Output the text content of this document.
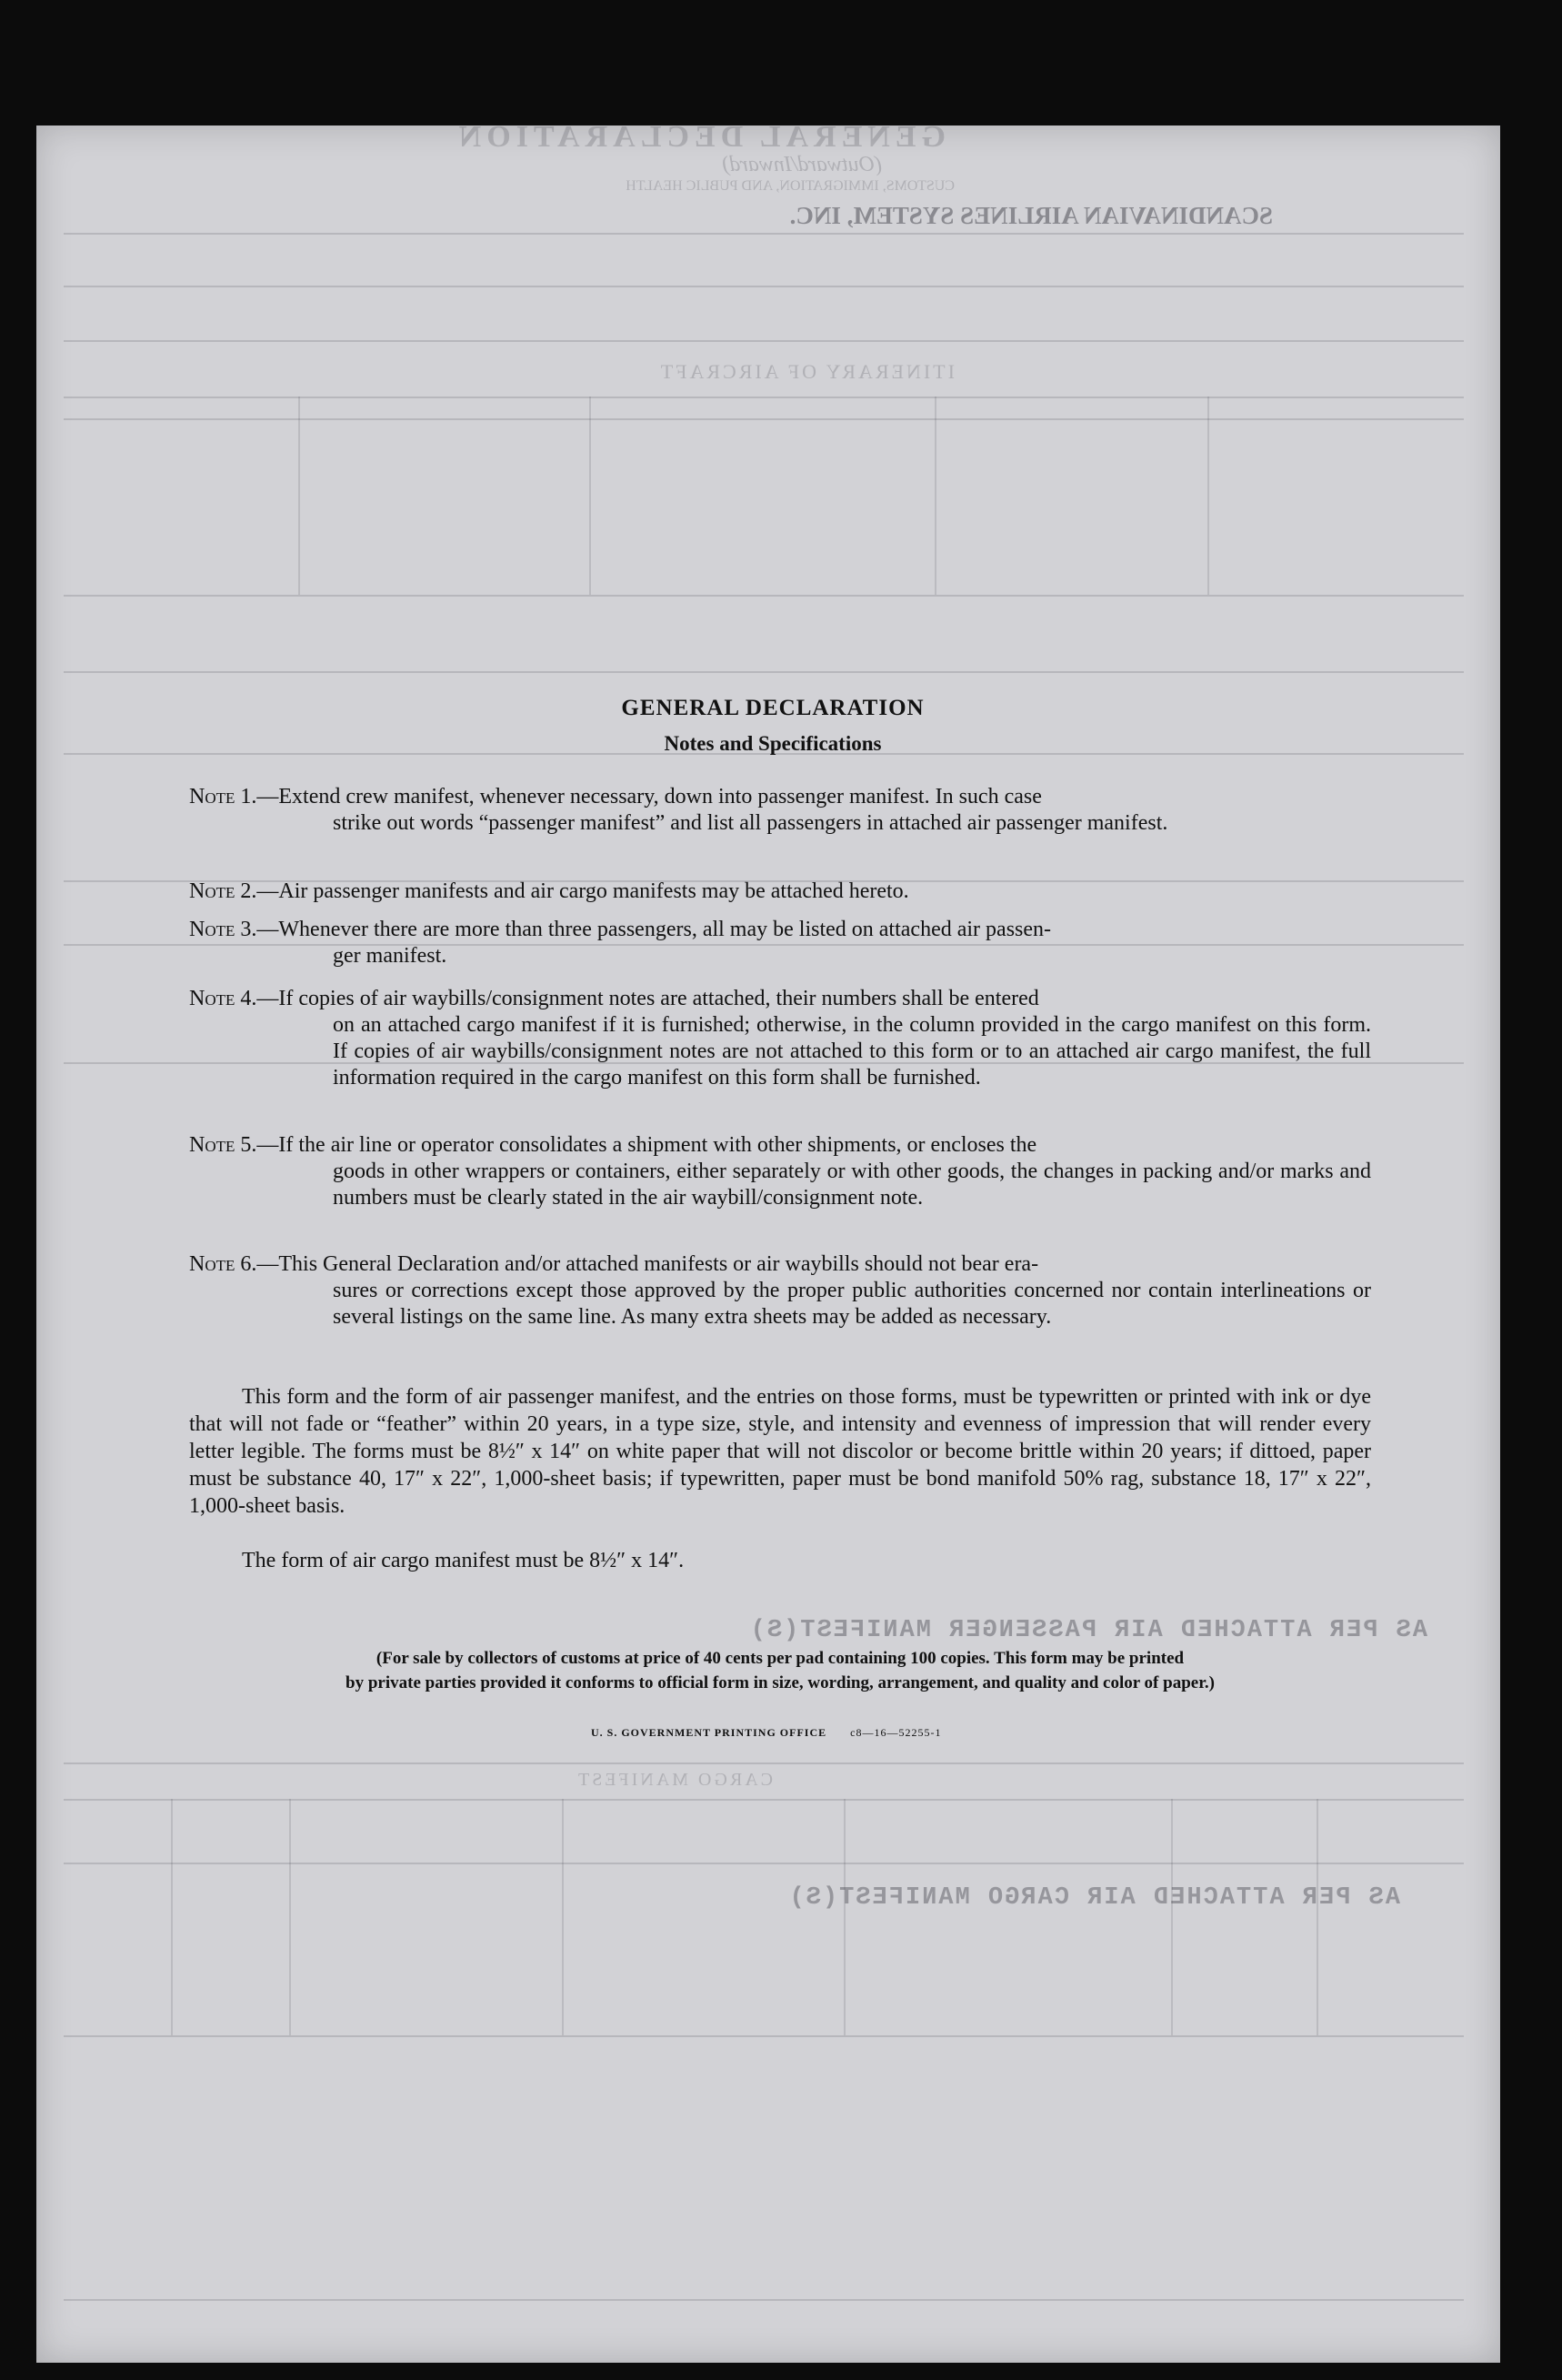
GENERAL DECLARATION
(Outward/Inward)
CUSTOMS, IMMIGRATION, AND PUBLIC HEALTH
SCANDINAVIAN AIRLINES SYSTEM, INC.
ITINERARY OF AIRCRAFT
AS PER ATTACHED AIR PASSENGER MANIFEST(S)
CARGO MANIFEST
AS PER ATTACHED AIR CARGO MANIFEST(S)
GENERAL DECLARATION
Notes and Specifications
Note 1.—Extend crew manifest, whenever necessary, down into passenger manifest. In such case
strike out words “passenger manifest” and list all passengers in attached air passenger manifest.
Note 2.—Air passenger manifests and air cargo manifests may be attached hereto.
Note 3.—Whenever there are more than three passengers, all may be listed on attached air passen-
ger manifest.
Note 4.—If copies of air waybills/consignment notes are attached, their numbers shall be entered
on an attached cargo manifest if it is furnished; otherwise, in the column provided in the cargo manifest on this form. If copies of air waybills/consignment notes are not attached to this form or to an attached air cargo manifest, the full information required in the cargo manifest on this form shall be furnished.
Note 5.—If the air line or operator consolidates a shipment with other shipments, or encloses the
goods in other wrappers or containers, either separately or with other goods, the changes in packing and/or marks and numbers must be clearly stated in the air waybill/consignment note.
Note 6.—This General Declaration and/or attached manifests or air waybills should not bear era-
sures or corrections except those approved by the proper public authorities concerned nor contain interlineations or several listings on the same line. As many extra sheets may be added as necessary.
This form and the form of air passenger manifest, and the entries on those forms, must be typewritten or printed with ink or dye that will not fade or “feather” within 20 years, in a type size, style, and intensity and evenness of impression that will render every letter legible. The forms must be 8½″ x 14″ on white paper that will not discolor or become brittle within 20 years; if dittoed, paper must be substance 40, 17″ x 22″, 1,000-sheet basis; if typewritten, paper must be bond manifold 50% rag, substance 18, 17″ x 22″, 1,000-sheet basis.
The form of air cargo manifest must be 8½″ x 14″.
(For sale by collectors of customs at price of 40 cents per pad containing 100 copies. This form may be printed
by private parties provided it conforms to official form in size, wording, arrangement, and quality and color of paper.)
U. S. GOVERNMENT PRINTING OFFICE c8—16—52255-1
